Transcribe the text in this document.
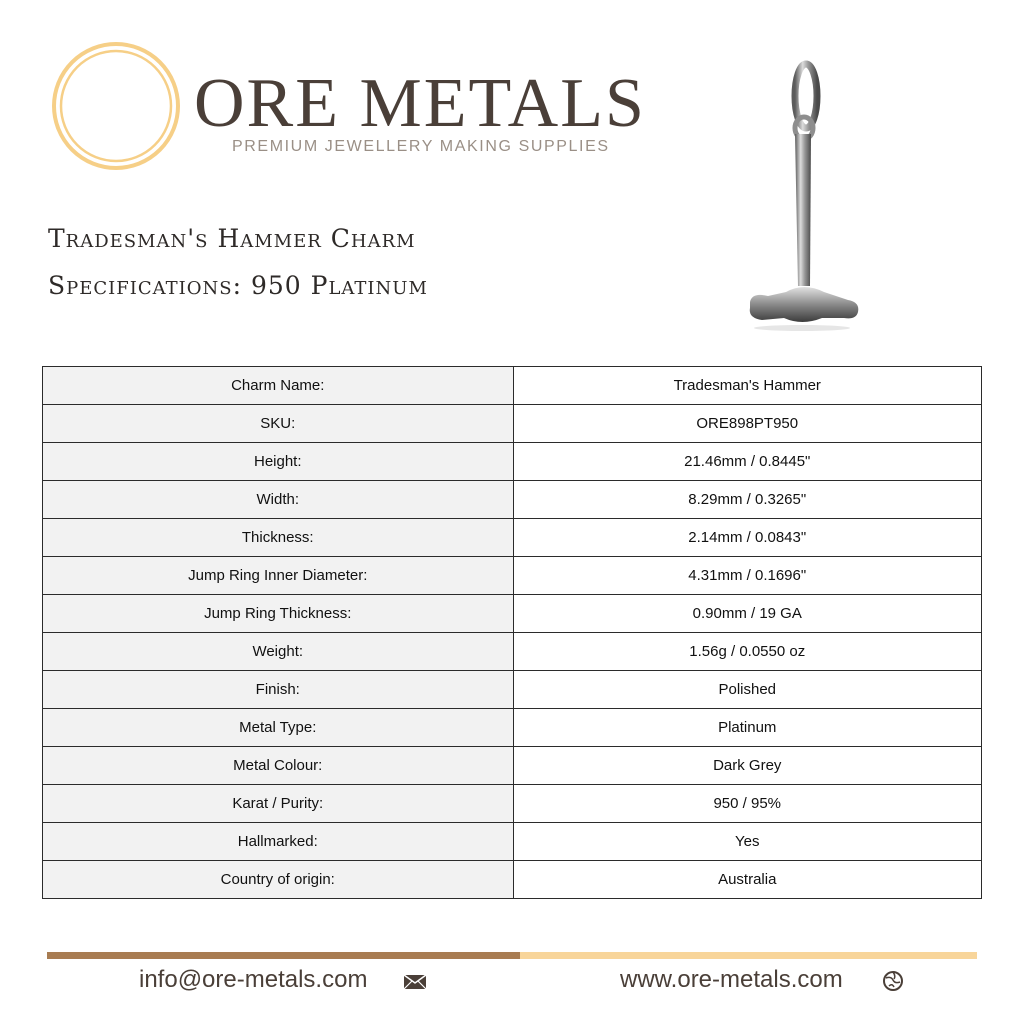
ORE METALS
PREMIUM JEWELLERY MAKING SUPPLIES
Tradesman's Hammer Charm
Specifications: 950 Platinum
Charm Name:	Tradesman's Hammer
SKU:	ORE898PT950
Height:	21.46mm / 0.8445"
Width:	8.29mm / 0.3265"
Thickness:	2.14mm / 0.0843"
Jump Ring Inner Diameter:	4.31mm / 0.1696"
Jump Ring Thickness:	0.90mm / 19 GA
Weight:	1.56g / 0.0550 oz
Finish:	Polished
Metal Type:	Platinum
Metal Colour:	Dark Grey
Karat / Purity:	950 / 95%
Hallmarked:	Yes
Country of origin:	Australia
info@ore-metals.com	www.ore-metals.com
